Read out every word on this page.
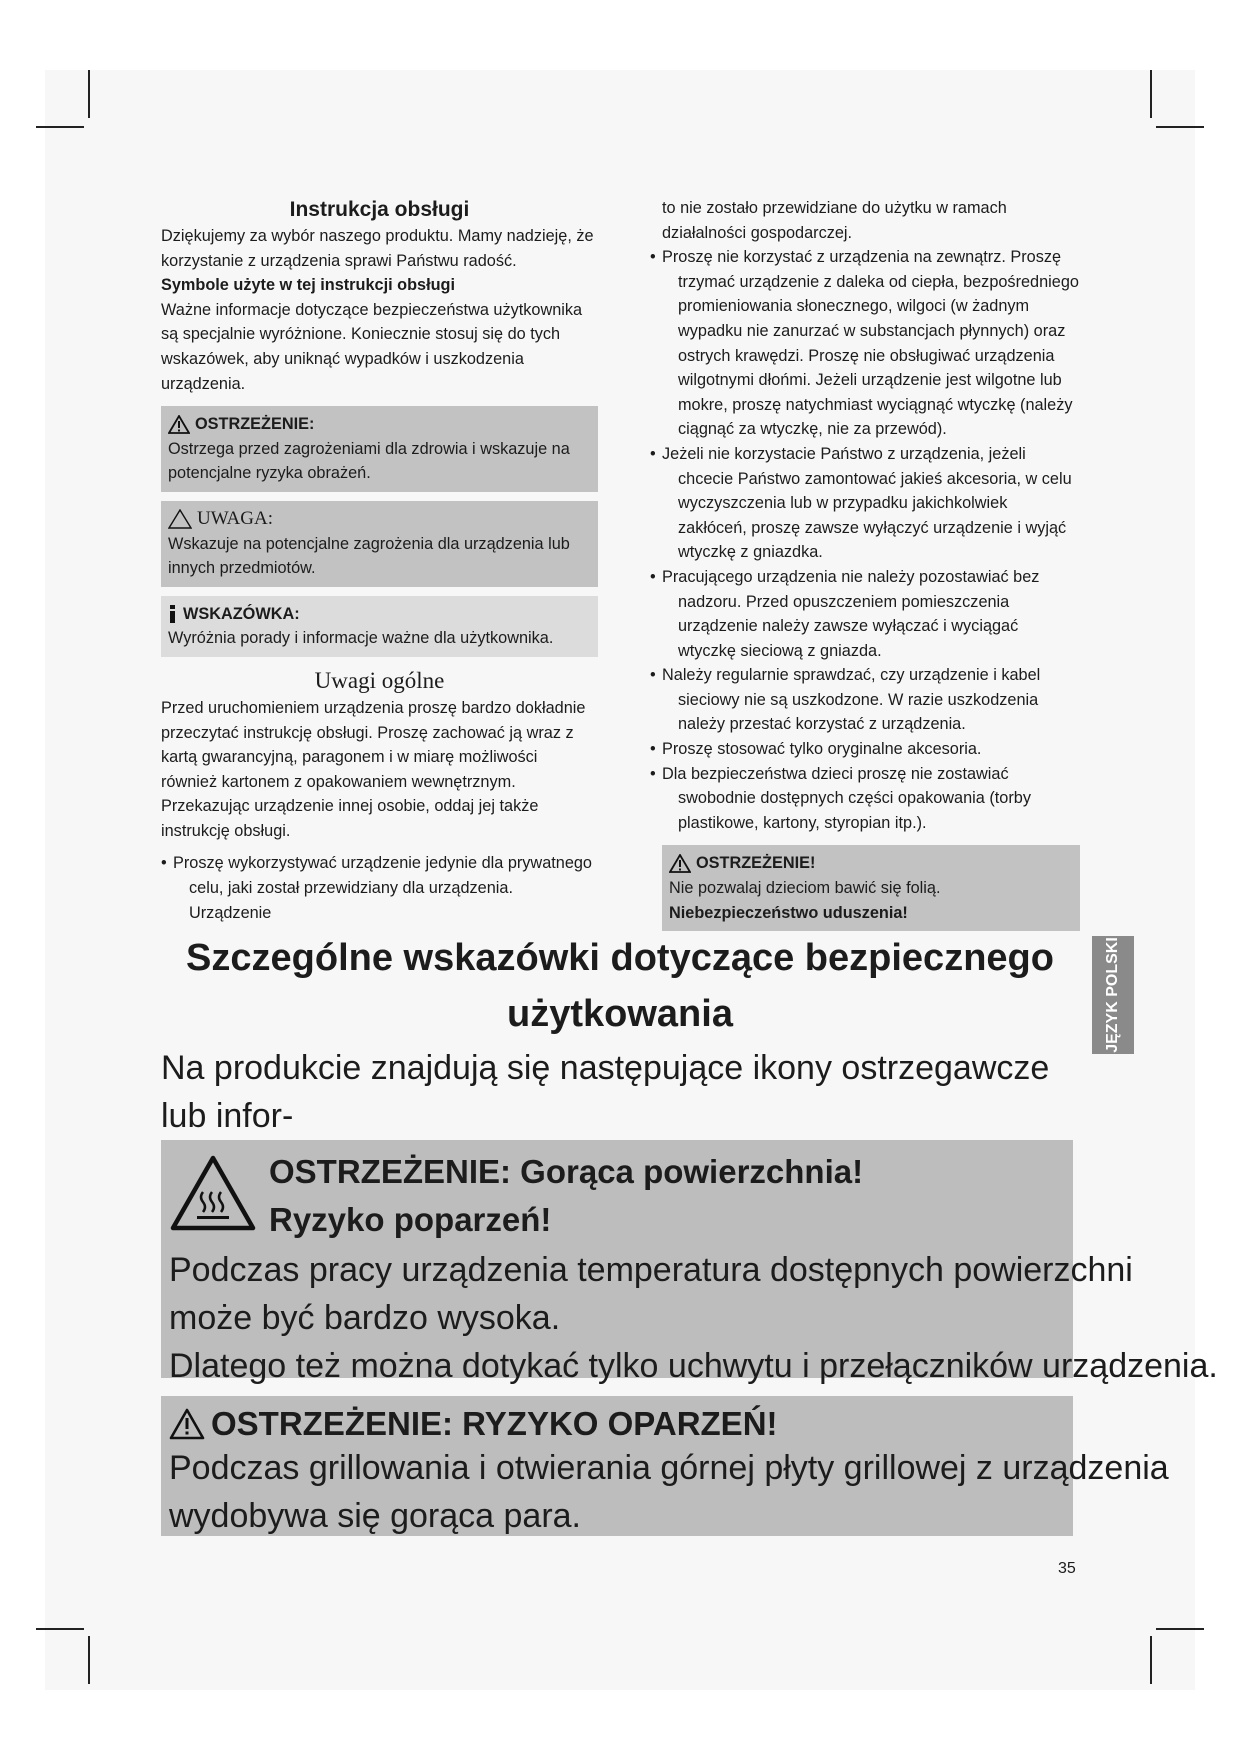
Instrukcja obsługi

Dziękujemy za wybór naszego produktu. Mamy nadzieję, że korzystanie z urządzenia sprawi Państwu radość.

Symbole użyte w tej instrukcji obsługi

Ważne informacje dotyczące bezpieczeństwa użytkownika są specjalnie wyróżnione. Koniecznie stosuj się do tych wskazówek, aby uniknąć wypadków i uszkodzenia urządzenia.

OSTRZEŻENIE:

Ostrzega przed zagrożeniami dla zdrowia i wskazuje na potencjalne ryzyka obrażeń.

UWAGA:

Wskazuje na potencjalne zagrożenia dla urządzenia lub innych przedmiotów.

WSKAZÓWKA:

Wyróżnia porady i informacje ważne dla użytkownika.

Uwagi ogólne

Przed uruchomieniem urządzenia proszę bardzo dokładnie przeczytać instrukcję obsługi. Proszę zachować ją wraz z kartą gwarancyjną, paragonem i w miarę możliwości również kartonem z opakowaniem wewnętrznym. Przekazując urządzenie innej osobie, oddaj jej także instrukcję obsługi.

• Proszę wykorzystywać urządzenie jedynie dla prywatnego celu, jaki został przewidziany dla urządzenia. Urządzenie

to nie zostało przewidziane do użytku w ramach działalności gospodarczej.

• Proszę nie korzystać z urządzenia na zewnątrz. Proszę trzymać urządzenie z daleka od ciepła, bezpośredniego promieniowania słonecznego, wilgoci (w żadnym wypadku nie zanurzać w substancjach płynnych) oraz ostrych krawędzi. Proszę nie obsługiwać urządzenia wilgotnymi dłońmi. Jeżeli urządzenie jest wilgotne lub mokre, proszę natychmiast wyciągnąć wtyczkę (należy ciągnąć za wtyczkę, nie za przewód).
• Jeżeli nie korzystacie Państwo z urządzenia, jeżeli chcecie Państwo zamontować jakieś akcesoria, w celu wyczyszczenia lub w przypadku jakichkolwiek zakłóceń, proszę zawsze wyłączyć urządzenie i wyjąć wtyczkę z gniazdka.
• Pracującego urządzenia nie należy pozostawiać bez nadzoru. Przed opuszczeniem pomieszczenia urządzenie należy zawsze wyłączać i wyciągać wtyczkę sieciową z gniazda.
• Należy regularnie sprawdzać, czy urządzenie i kabel sieciowy nie są uszkodzone. W razie uszkodzenia należy przestać korzystać z urządzenia.
• Proszę stosować tylko oryginalne akcesoria.
• Dla bezpieczeństwa dzieci proszę nie zostawiać swobodnie dostępnych części opakowania (torby plastikowe, kartony, styropian itp.).
OSTRZEŻENIE!

Nie pozwalaj dzieciom bawić się folią.

Niebezpieczeństwo uduszenia!

JĘZYK POLSKI
Szczególne wskazówki dotyczące bezpiecznego
użytkowania
Na produkcie znajdują się następujące ikony ostrzegawcze lub infor-
OSTRZEŻENIE: Gorąca powierzchnia!
Ryzyko poparzeń!
Podczas pracy urządzenia temperatura dostępnych powierzchni
może być bardzo wysoka.
Dlatego też można dotykać tylko uchwytu i przełączników urządzenia.
OSTRZEŻENIE: RYZYKO OPARZEŃ!
Podczas grillowania i otwierania górnej płyty grillowej z urządzenia
wydobywa się gorąca para.
35
